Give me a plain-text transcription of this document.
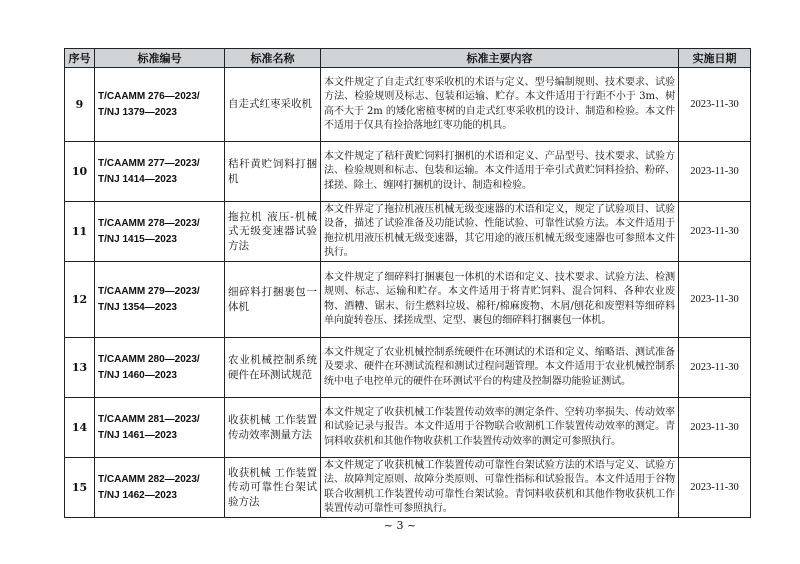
序号	标准编号	标准名称	标准主要内容	实施日期
9	T/CAAMM 276—2023/
T/NJ 1379—2023	自走式红枣采收机	本文件规定了自走式红枣采收机的术语与定义、型号编制规则、技术要求、试验方法、检验规则及标志、包装和运输、贮存。本文件适用于行距不小于 3m、树高不大于 2m 的矮化密植枣树的自走式红枣采收机的设计、制造和检验。本文件不适用于仅具有捡拾落地红枣功能的机具。	2023-11-30
10	T/CAAMM 277—2023/
T/NJ 1414—2023	秸秆黄贮饲料打捆机	本文件规定了秸秆黄贮饲料打捆机的术语和定义、产品型号、技术要求、试验方法、检验规则和标志、包装和运输。本文件适用于牵引式黄贮饲料捡拾、粉碎、揉搓、除土、缠网打捆机的设计、制造和检验。	2023-11-30
11	T/CAAMM 278—2023/
T/NJ 1415—2023	拖拉机 液压-机械式无级变速器试验方法	本文件界定了拖拉机液压机械无级变速器的术语和定义，规定了试验项目、试验设备，描述了试验准备及功能试验、性能试验、可靠性试验方法。本文件适用于拖拉机用液压机械无级变速器，其它用途的液压机械无级变速器也可参照本文件执行。	2023-11-30
12	T/CAAMM 279—2023/
T/NJ 1354—2023	细碎料打捆裹包一体机	本文件规定了细碎料打捆裹包一体机的术语和定义、技术要求、试验方法、检测规则、标志、运输和贮存。本文件适用于将青贮饲料、混合饲料、各种农业废物、酒糟、锯末、衍生燃料垃圾、棉秆/棉麻废物、木屑/刨花和废塑料等细碎料单向旋转卷压、揉搓成型、定型、裹包的细碎料打捆裹包一体机。	2023-11-30
13	T/CAAMM 280—2023/
T/NJ 1460—2023	农业机械控制系统 硬件在环测试规范	本文件规定了农业机械控制系统硬件在环测试的术语和定义、缩略语、测试准备及要求、硬件在环测试流程和测试过程问题管理。本文件适用于农业机械控制系统中电子电控单元的硬件在环测试平台的构建及控制器功能验证测试。	2023-11-30
14	T/CAAMM 281—2023/
T/NJ 1461—2023	收获机械 工作装置传动效率测量方法	本文件规定了收获机械工作装置传动效率的测定条件、空转功率损失、传动效率和试验记录与报告。本文件适用于谷物联合收割机工作装置传动效率的测定。青饲料收获机和其他作物收获机工作装置传动效率的测定可参照执行。	2023-11-30
15	T/CAAMM 282—2023/
T/NJ 1462—2023	收获机械 工作装置传动可靠性台架试验方法	本文件规定了收获机械工作装置传动可靠性台架试验方法的术语与定义、试验方法、故障判定原则、故障分类原则、可靠性指标和试验报告。本文件适用于谷物联合收割机工作装置传动可靠性台架试验。青饲料收获机和其他作物收获机工作装置传动可靠性可参照执行。	2023-11-30
~ 3 ~
